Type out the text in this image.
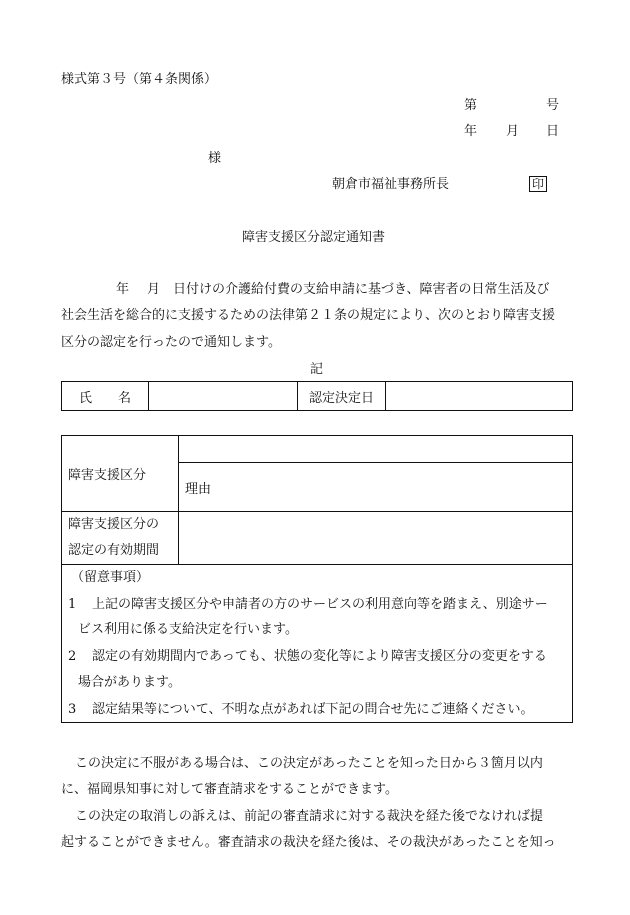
様式第３号（第４条関係）
第	号
年 月 日
様
朝倉市福祉事務所長	印
障害支援区分認定通知書
年 月 日付けの介護給付費の支給申請に基づき、障害者の日常生活及び
社会生活を総合的に支援するための法律第２１条の規定により、次のとおり障害支援
区分の認定を行ったので通知します。
記
氏　　名		認定決定日	
障害支援区分	
	理由

障害支援区分の
認定の有効期間	

（留意事項）
1 上記の障害支援区分や申請者の方のサービスの利用意向等を踏まえ、別途サー
ビス利用に係る支給決定を行います。
2 認定の有効期間内であっても、状態の変化等により障害支援区分の変更をする
場合があります。
3 認定結果等について、不明な点があれば下記の問合せ先にご連絡ください。
この決定に不服がある場合は、この決定があったことを知った日から３箇月以内
に、福岡県知事に対して審査請求をすることができます。
この決定の取消しの訴えは、前記の審査請求に対する裁決を経た後でなければ提
起することができません。審査請求の裁決を経た後は、その裁決があったことを知っ
